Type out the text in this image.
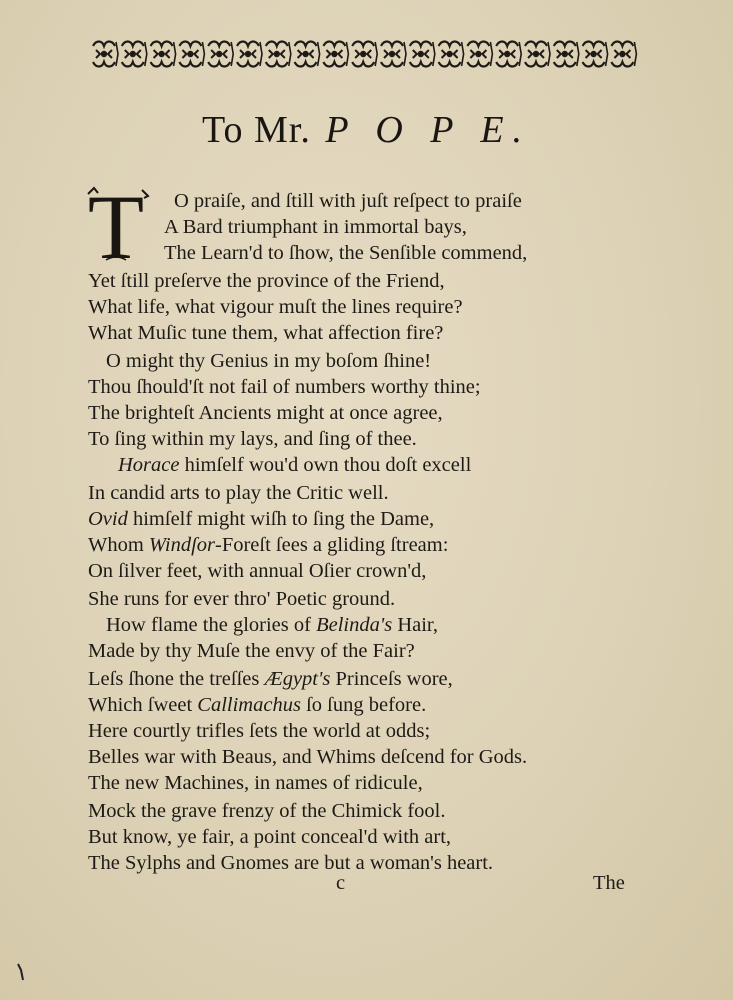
To Mr. P O P E.
T O praiſe, and ſtill with juſt reſpect to praiſe
A Bard triumphant in immortal bays,
The Learn'd to ſhow, the Senſible commend,
Yet ſtill preſerve the province of the Friend,
What life, what vigour muſt the lines require?
What Muſic tune them, what affection fire?
O might thy Genius in my boſom ſhine!
Thou ſhould'ſt not fail of numbers worthy thine;
The brighteſt Ancients might at once agree,
To ſing within my lays, and ſing of thee.
Horace himſelf wou'd own thou doſt excell
In candid arts to play the Critic well.
Ovid himſelf might wiſh to ſing the Dame,
Whom Windſor-Foreſt ſees a gliding ſtream:
On ſilver feet, with annual Oſier crown'd,
She runs for ever thro' Poetic ground.
How flame the glories of Belinda's Hair,
Made by thy Muſe the envy of the Fair?
Leſs ſhone the treſſes Ægypt's Princeſs wore,
Which ſweet Callimachus ſo ſung before.
Here courtly trifles ſets the world at odds;
Belles war with Beaus, and Whims deſcend for Gods.
The new Machines, in names of ridicule,
Mock the grave frenzy of the Chimick fool.
But know, ye fair, a point conceal'd with art,
The Sylphs and Gnomes are but a woman's heart.
c	The
